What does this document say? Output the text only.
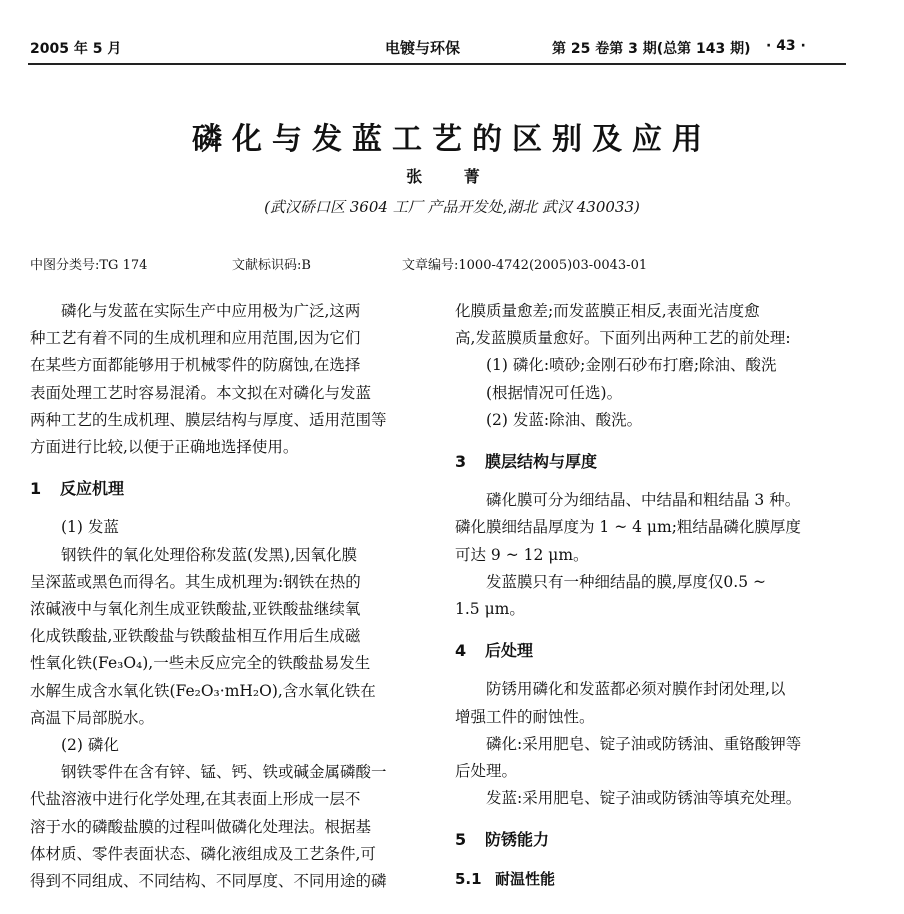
2005 年 5 月	电镀与环保	第 25 卷第 3 期(总第 143 期) · 43 ·
磷化与发蓝工艺的区别及应用
张 菁
(武汉硚口区 3604 工厂 产品开发处,湖北 武汉 430033)
中图分类号:TG 174	文献标识码:B	文章编号:1000-4742(2005)03-0043-01

磷化与发蓝在实际生产中应用极为广泛,这两

种工艺有着不同的生成机理和应用范围,因为它们

在某些方面都能够用于机械零件的防腐蚀,在选择

表面处理工艺时容易混淆。本文拟在对磷化与发蓝

两种工艺的生成机理、膜层结构与厚度、适用范围等

方面进行比较,以便于正确地选择使用。

1 反应机理

(1) 发蓝

钢铁件的氧化处理俗称发蓝(发黑),因氧化膜

呈深蓝或黑色而得名。其生成机理为:钢铁在热的

浓碱液中与氧化剂生成亚铁酸盐,亚铁酸盐继续氧

化成铁酸盐,亚铁酸盐与铁酸盐相互作用后生成磁

性氧化铁(Fe₃O₄),一些未反应完全的铁酸盐易发生

水解生成含水氧化铁(Fe₂O₃·mH₂O),含水氧化铁在

高温下局部脱水。

(2) 磷化

钢铁零件在含有锌、锰、钙、铁或碱金属磷酸一

代盐溶液中进行化学处理,在其表面上形成一层不

溶于水的磷酸盐膜的过程叫做磷化处理法。根据基

体材质、零件表面状态、磷化液组成及工艺条件,可

得到不同组成、不同结构、不同厚度、不同用途的磷

化膜质量愈差;而发蓝膜正相反,表面光洁度愈

高,发蓝膜质量愈好。下面列出两种工艺的前处理:

(1) 磷化:喷砂;金刚石砂布打磨;除油、酸洗

(根据情况可任选)。

(2) 发蓝:除油、酸洗。

3 膜层结构与厚度

磷化膜可分为细结晶、中结晶和粗结晶 3 种。

磷化膜细结晶厚度为 1 ~ 4 μm;粗结晶磷化膜厚度

可达 9 ~ 12 μm。

发蓝膜只有一种细结晶的膜,厚度仅0.5 ~

1.5 μm。

4 后处理

防锈用磷化和发蓝都必须对膜作封闭处理,以

增强工件的耐蚀性。

磷化:采用肥皂、锭子油或防锈油、重铬酸钾等

后处理。

发蓝:采用肥皂、锭子油或防锈油等填充处理。

5 防锈能力

5.1 耐温性能
